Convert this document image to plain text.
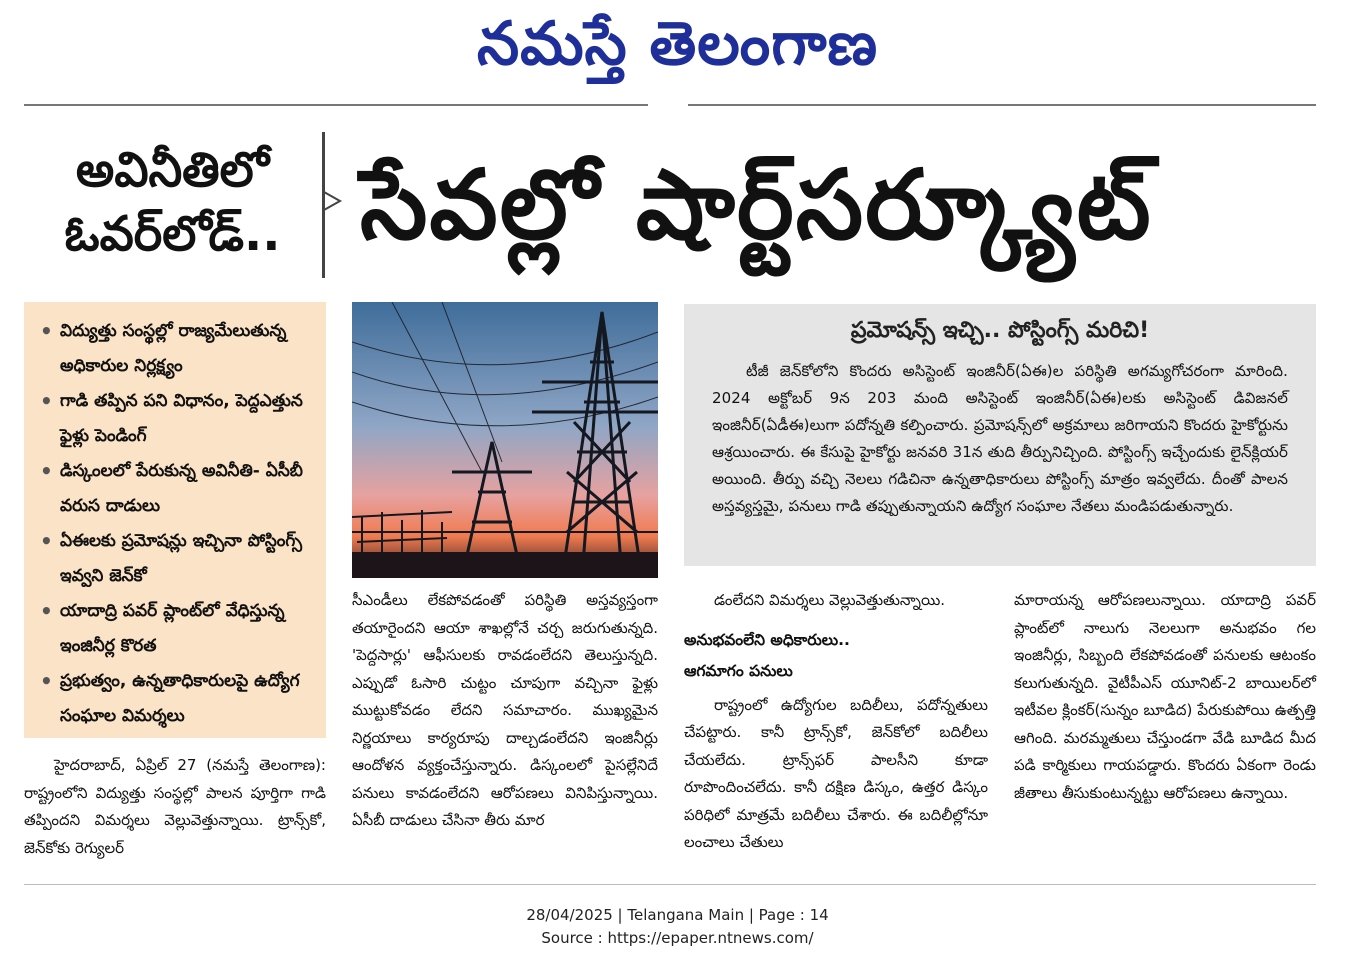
నమస్తే తెలంగాణ
అవినీతిలో
ఓవర్‌లోడ్‌.. సేవల్లో షార్ట్‌సర్క్యూట్‌
• విద్యుత్తు సంస్థల్లో రాజ్యమేలుతున్న అధికారుల నిర్లక్ష్యం
• గాడి తప్పిన పని విధానం, పెద్దఎత్తున ఫైళ్లు పెండింగ్‌
• డిస్కంలలో పేరుకున్న అవినీతి- ఏసీబీ వరుస దాడులు
• ఏఈలకు ప్రమోషన్లు ఇచ్చినా పోస్టింగ్స్‌ ఇవ్వని జెన్‌కో
• యాదాద్రి పవర్‌ ప్లాంట్‌లో వేధిస్తున్న ఇంజినీర్ల కొరత
• ప్రభుత్వం, ఉన్నతాధికారులపై ఉద్యోగ సంఘాల విమర్శలు
ప్రమోషన్స్‌ ఇచ్చి.. పోస్టింగ్స్‌ మరిచి!

టీజీ జెన్‌కోలోని కొందరు అసిస్టెంట్‌ ఇంజినీర్‌(ఏఈ)ల పరిస్థితి అగమ్యగోచరంగా మారింది. 2024 అక్టోబర్‌ 9న 203 మంది అసిస్టెంట్‌ ఇంజినీర్‌(ఏఈ)లకు అసిస్టెంట్‌ డివిజనల్‌ ఇంజినీర్‌(ఏడీఈ)లుగా పదోన్నతి కల్పించారు. ప్రమోషన్స్‌లో అక్రమాలు జరిగాయని కొందరు హైకోర్టును ఆశ్రయించారు. ఈ కేసుపై హైకోర్టు జనవరి 31న తుది తీర్పునిచ్చింది. పోస్టింగ్స్‌ ఇచ్చేందుకు లైన్‌క్లియర్‌ అయింది. తీర్పు వచ్చి నెలలు గడిచినా ఉన్నతాధికారులు పోస్టింగ్స్‌ మాత్రం ఇవ్వలేదు. దీంతో పాలన అస్తవ్యస్తమై, పనులు గాడి తప్పుతున్నాయని ఉద్యోగ సంఘాల నేతలు మండిపడుతున్నారు.

హైదరాబాద్‌, ఏప్రిల్‌ 27 (నమస్తే తెలంగాణ): రాష్ట్రంలోని విద్యుత్తు సంస్థల్లో పాలన పూర్తిగా గాడి తప్పిందని విమర్శలు వెల్లువెత్తున్నాయి. ట్రాన్స్‌కో, జెన్‌కోకు రెగ్యులర్‌

సీఎండీలు లేకపోవడంతో పరిస్థితి అస్తవ్యస్తంగా తయారైందని ఆయా శాఖల్లోనే చర్చ జరుగుతున్నది. 'పెద్దసార్లు' ఆఫీసులకు రావడంలేదని తెలుస్తున్నది. ఎప్పుడో ఓసారి చుట్టం చూపుగా వచ్చినా ఫైళ్లు ముట్టుకోవడం లేదని సమాచారం. ముఖ్యమైన నిర్ణయాలు కార్యరూపు దాల్చడంలేదని ఇంజినీర్లు ఆందోళన వ్యక్తంచేస్తున్నారు. డిస్కంలలో పైసల్లేనిదే పనులు కావడంలేదని ఆరోపణలు వినిపిస్తున్నాయి. ఏసీబీ దాడులు చేసినా తీరు మార

డంలేదని విమర్శలు వెల్లువెత్తుతున్నాయి.

అనుభవంలేని అధికారులు..
ఆగమాగం పనులు

రాష్ట్రంలో ఉద్యోగుల బదిలీలు, పదోన్నతులు చేపట్టారు. కానీ ట్రాన్స్‌కో, జెన్‌కోలో బదిలీలు చేయలేదు. ట్రాన్స్‌ఫర్‌ పాలసీని కూడా రూపొందించలేదు. కానీ దక్షిణ డిస్కం, ఉత్తర డిస్కం పరిధిలో మాత్రమే బదిలీలు చేశారు. ఈ బదిలీల్లోనూ లంచాలు చేతులు

మారాయన్న ఆరోపణలున్నాయి. యాదాద్రి పవర్‌ ప్లాంట్‌లో నాలుగు నెలలుగా అనుభవం గల ఇంజినీర్లు, సిబ్బంది లేకపోవడంతో పనులకు ఆటంకం కలుగుతున్నది. వైటీపీఎస్‌ యూనిట్‌-2 బాయిలర్‌లో ఇటీవల క్లింకర్‌(సున్నం బూడిద) పేరుకుపోయి ఉత్పత్తి ఆగింది. మరమ్మతులు చేస్తుండగా వేడి బూడిద మీద పడి కార్మికులు గాయపడ్డారు. కొందరు ఏకంగా రెండు జీతాలు తీసుకుంటున్నట్టు ఆరోపణలు ఉన్నాయి.

28/04/2025 | Telangana Main | Page : 14
Source : https://epaper.ntnews.com/
